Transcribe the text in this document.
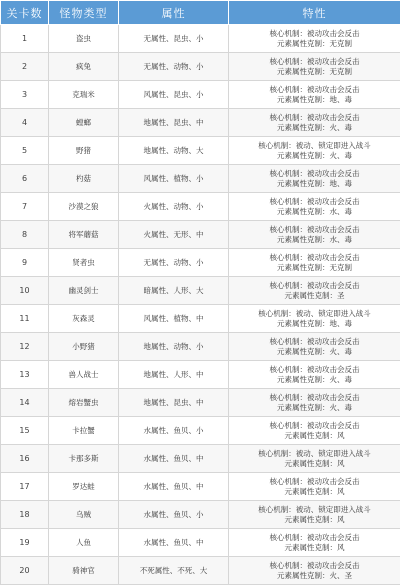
关卡数	怪物类型	属性	特性
1	盗虫	无属性、昆虫、小	核心机制：被动攻击会反击
元素属性克制：无克制

2	疯兔	无属性、动物、小	核心机制：被动攻击会反击
元素属性克制：无克制

3	克瑞米	风属性、昆虫、小	核心机制：被动攻击会反击
元素属性克制：地、毒

4	螳螂	地属性、昆虫、中	核心机制：被动攻击会反击
元素属性克制：火、毒

5	野猪	地属性、动物、大	核心机制：被动、锁定即进入战斗
元素属性克制：火、毒

6	杓菇	风属性、植物、小	核心机制：被动攻击会反击
元素属性克制：地、毒

7	沙漠之狼	火属性、动物、小	核心机制：被动攻击会反击
元素属性克制：水、毒

8	将军蘑菇	火属性、无形、中	核心机制：被动攻击会反击
元素属性克制：水、毒

9	贤者虫	无属性、动物、小	核心机制：被动攻击会反击
元素属性克制：无克制

10	幽灵剑士	暗属性、人形、大	核心机制：被动攻击会反击
元素属性克制：圣

11	灰森灵	风属性、植物、中	核心机制：被动、锁定即进入战斗
元素属性克制：地、毒

12	小野猪	地属性、动物、小	核心机制：被动攻击会反击
元素属性克制：火、毒

13	兽人战士	地属性、人形、中	核心机制：被动攻击会反击
元素属性克制：火、毒

14	熔岩蟹虫	地属性、昆虫、中	核心机制：被动攻击会反击
元素属性克制：火、毒

15	卡拉蟹	水属性、鱼贝、小	核心机制：被动攻击会反击
元素属性克制：风

16	卡那多斯	水属性、鱼贝、中	核心机制：被动、锁定即进入战斗
元素属性克制：风

17	罗达蛙	水属性、鱼贝、中	核心机制：被动攻击会反击
元素属性克制：风

18	乌贼	水属性、鱼贝、小	核心机制：被动、锁定即进入战斗
元素属性克制：风

19	人鱼	水属性、鱼贝、中	核心机制：被动攻击会反击
元素属性克制：风

20	骑神官	不死属性、不死、大	核心机制：被动攻击会反击
元素属性克制：火、圣
